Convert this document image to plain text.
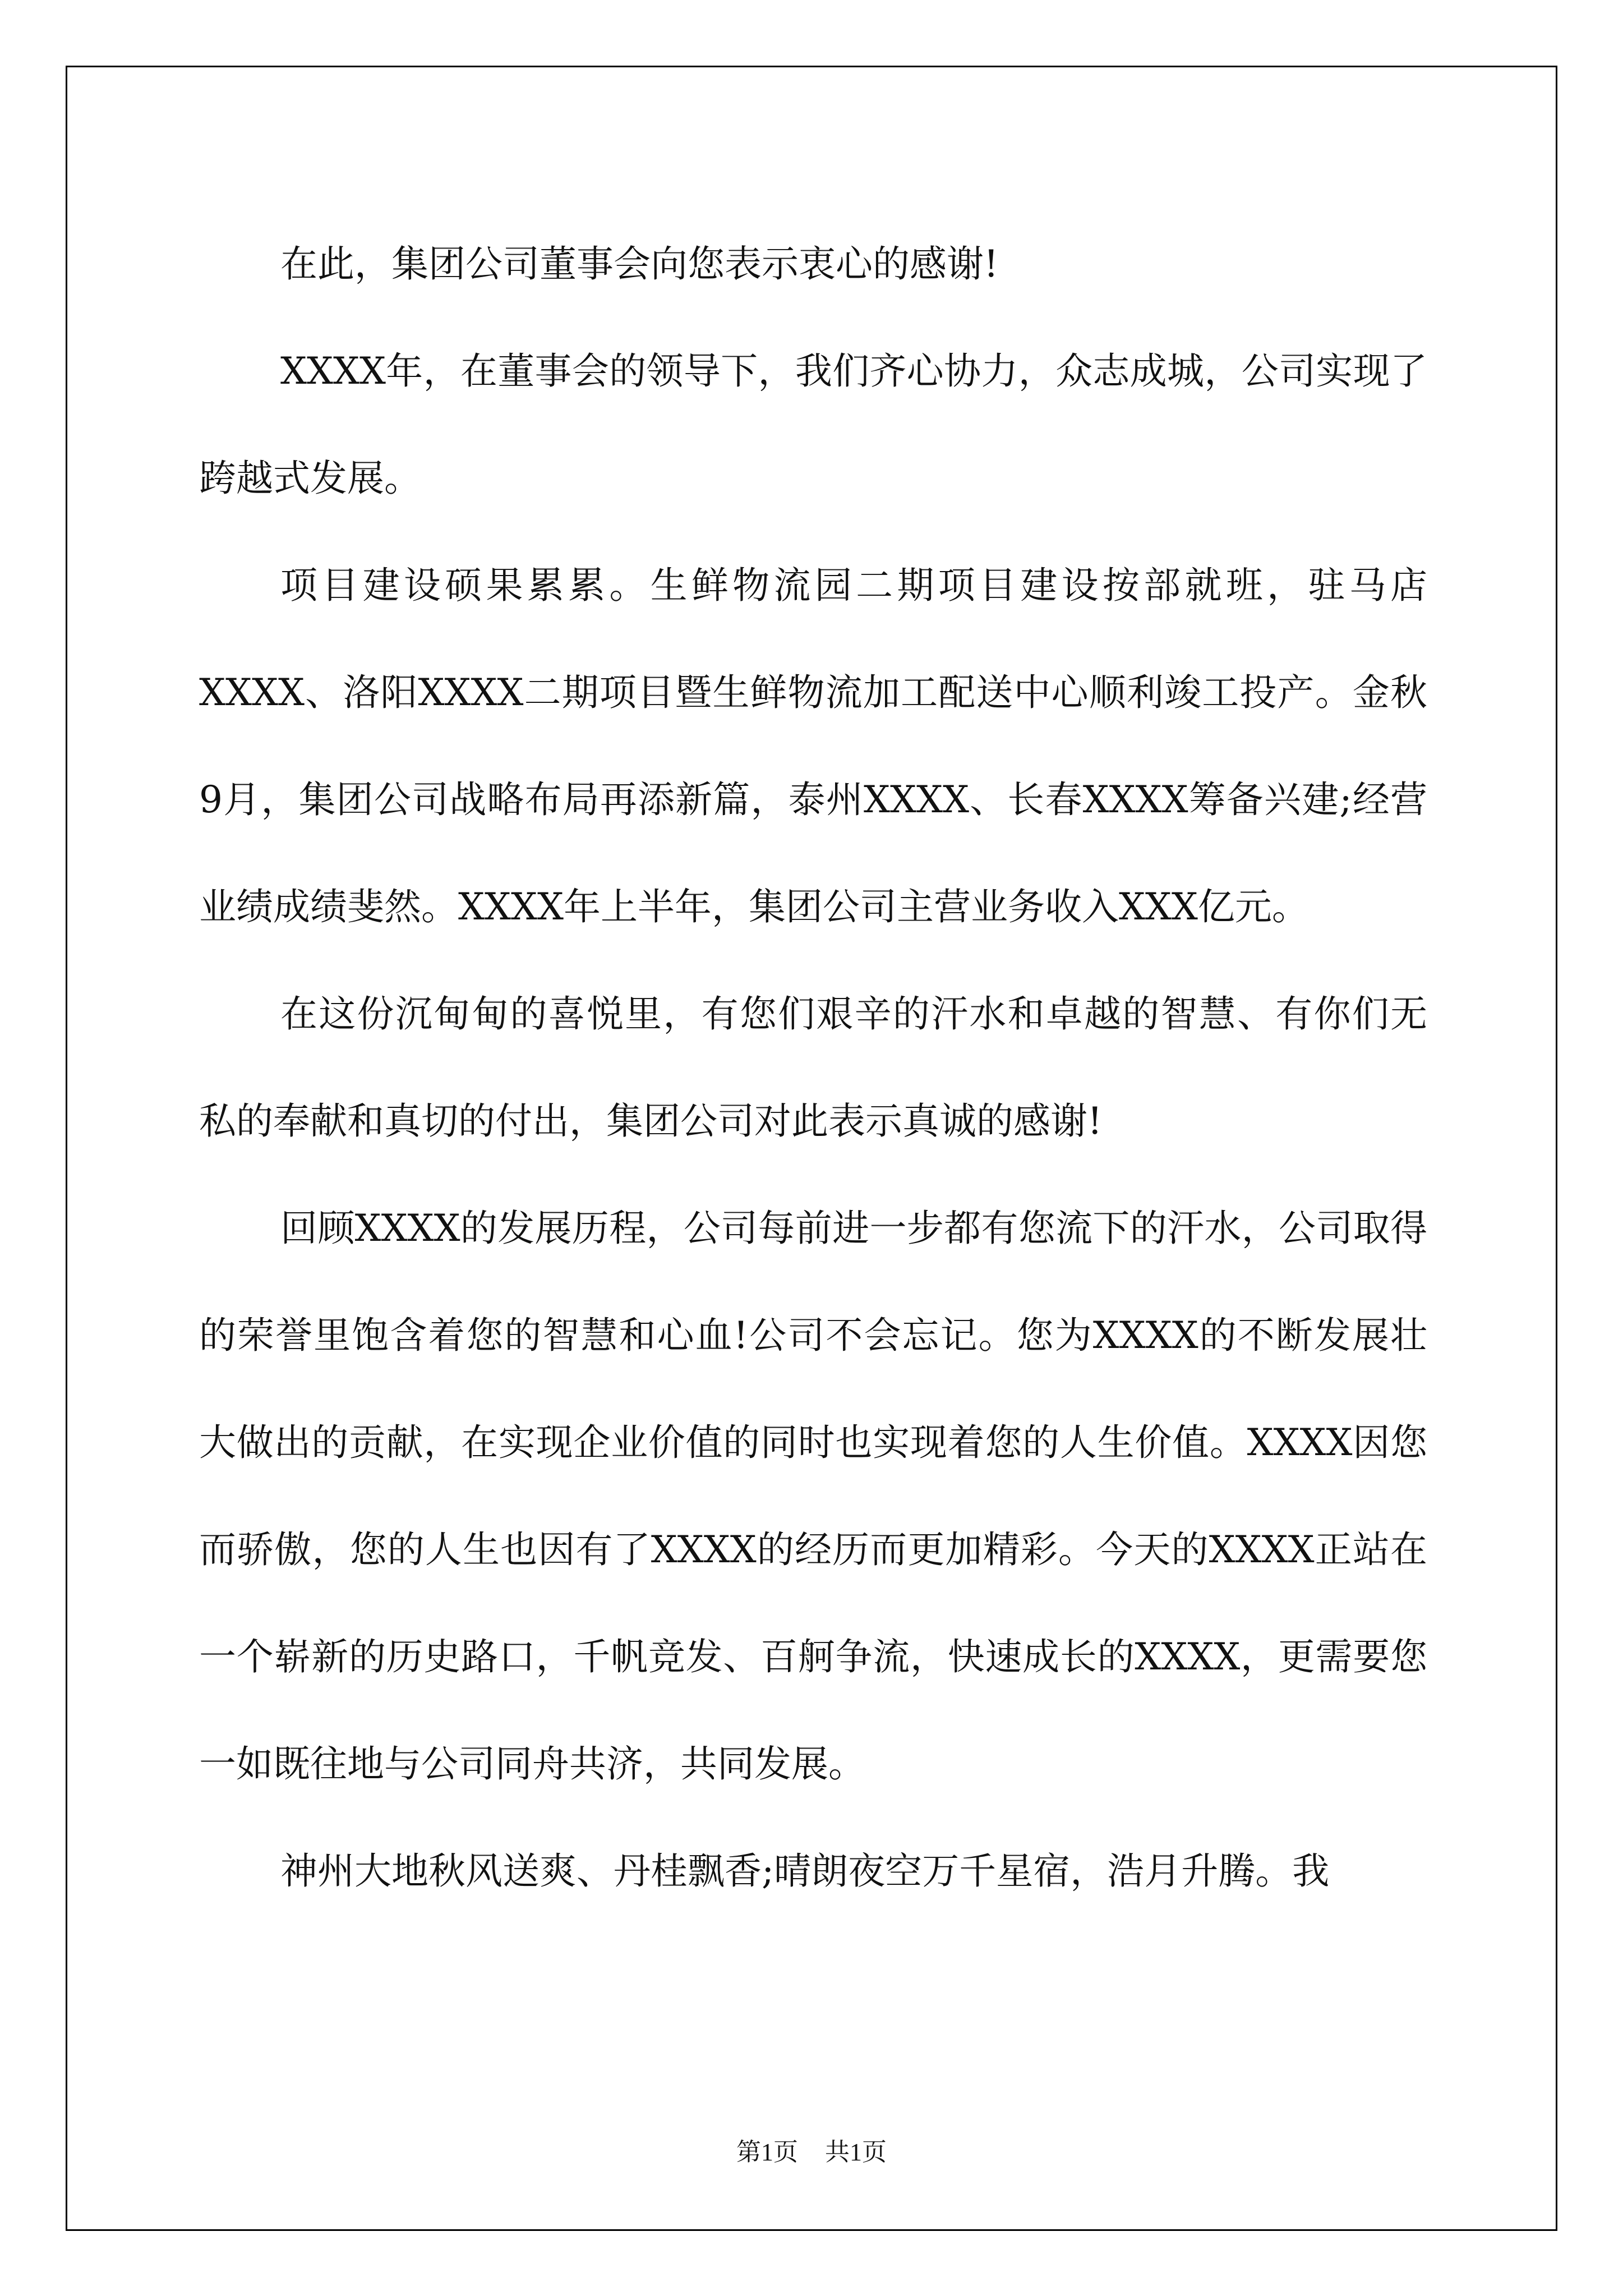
在此，集团公司董事会向您表示衷心的感谢!

XXXX年，在董事会的领导下，我们齐心协力，众志成城，公司实现了跨越式发展。

项目建设硕果累累。生鲜物流园二期项目建设按部就班，驻马店XXXX、洛阳XXXX二期项目暨生鲜物流加工配送中心顺利竣工投产。金秋9月，集团公司战略布局再添新篇，泰州XXXX、长春XXXX筹备兴建;经营业绩成绩斐然。XXXX年上半年，集团公司主营业务收入XXX亿元。

在这份沉甸甸的喜悦里，有您们艰辛的汗水和卓越的智慧、有你们无私的奉献和真切的付出，集团公司对此表示真诚的感谢!

回顾XXXX的发展历程，公司每前进一步都有您流下的汗水，公司取得的荣誉里饱含着您的智慧和心血!公司不会忘记。您为XXXX的不断发展壮大做出的贡献，在实现企业价值的同时也实现着您的人生价值。XXXX因您而骄傲，您的人生也因有了XXXX的经历而更加精彩。今天的XXXX正站在一个崭新的历史路口，千帆竞发、百舸争流，快速成长的XXXX，更需要您一如既往地与公司同舟共济，共同发展。

神州大地秋风送爽、丹桂飘香;晴朗夜空万千星宿，浩月升腾。我

第1页 共1页
